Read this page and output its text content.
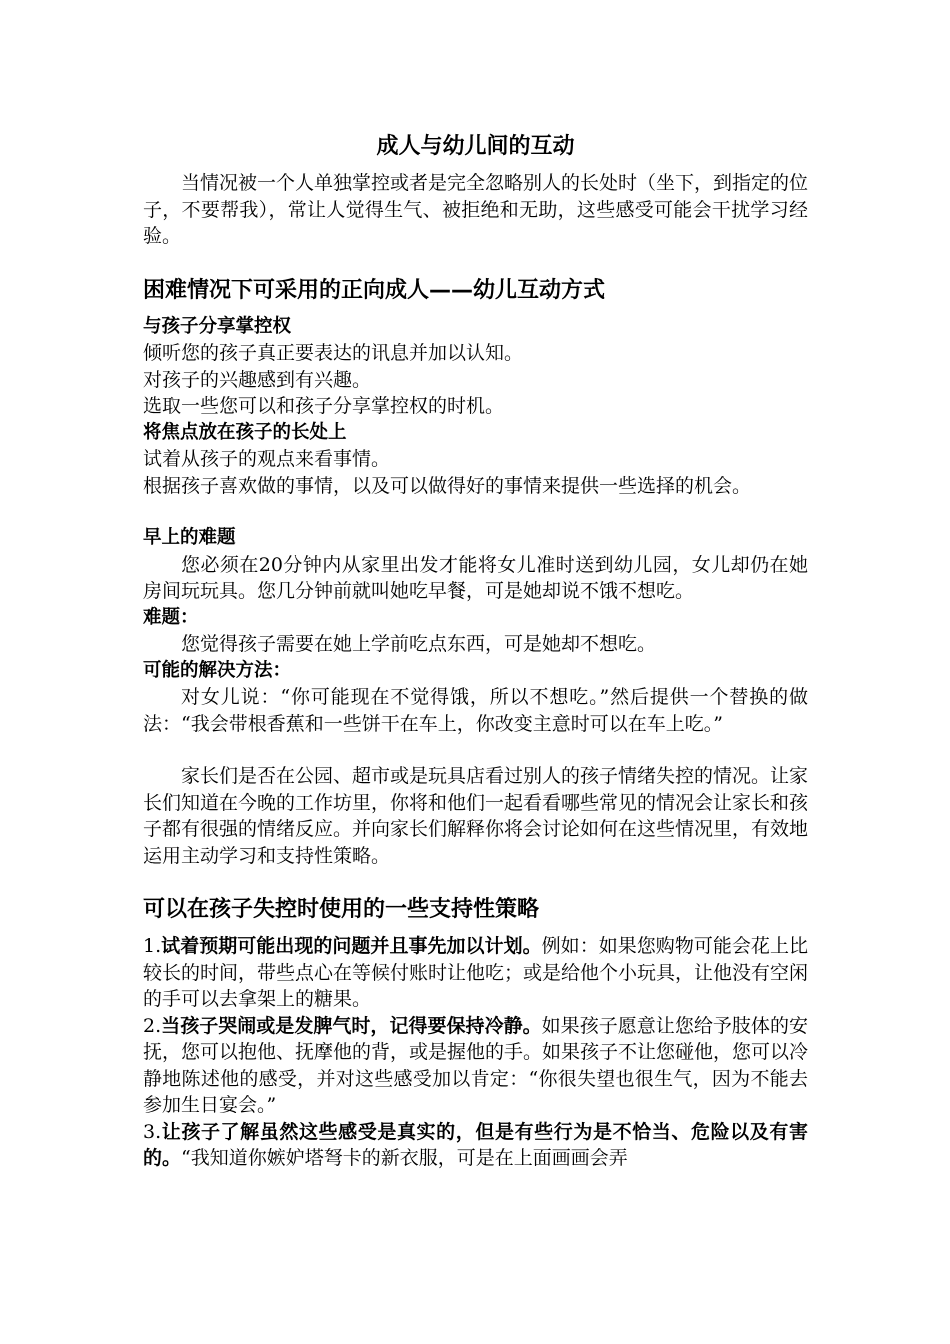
成人与幼儿间的互动

当情况被一个人单独掌控或者是完全忽略别人的长处时（坐下，到指定的位子，不要帮我），常让人觉得生气、被拒绝和无助，这些感受可能会干扰学习经验。

困难情况下可采用的正向成人——幼儿互动方式
与孩子分享掌控权

倾听您的孩子真正要表达的讯息并加以认知。

对孩子的兴趣感到有兴趣。

选取一些您可以和孩子分享掌控权的时机。

将焦点放在孩子的长处上

试着从孩子的观点来看事情。

根据孩子喜欢做的事情，以及可以做得好的事情来提供一些选择的机会。

早上的难题

您必须在20分钟内从家里出发才能将女儿准时送到幼儿园，女儿却仍在她房间玩玩具。您几分钟前就叫她吃早餐，可是她却说不饿不想吃。

难题：

您觉得孩子需要在她上学前吃点东西，可是她却不想吃。

可能的解决方法：

对女儿说：“你可能现在不觉得饿，所以不想吃。”然后提供一个替换的做法：“我会带根香蕉和一些饼干在车上，你改变主意时可以在车上吃。”

家长们是否在公园、超市或是玩具店看过别人的孩子情绪失控的情况。让家长们知道在今晚的工作坊里，你将和他们一起看看哪些常见的情况会让家长和孩子都有很强的情绪反应。并向家长们解释你将会讨论如何在这些情况里，有效地运用主动学习和支持性策略。

可以在孩子失控时使用的一些支持性策略

1.试着预期可能出现的问题并且事先加以计划。例如：如果您购物可能会花上比较长的时间，带些点心在等候付账时让他吃；或是给他个小玩具，让他没有空闲的手可以去拿架上的糖果。

2.当孩子哭闹或是发脾气时，记得要保持冷静。如果孩子愿意让您给予肢体的安抚，您可以抱他、抚摩他的背，或是握他的手。如果孩子不让您碰他，您可以冷静地陈述他的感受，并对这些感受加以肯定：“你很失望也很生气，因为不能去参加生日宴会。”

3.让孩子了解虽然这些感受是真实的，但是有些行为是不恰当、危险以及有害的。“我知道你嫉妒塔弩卡的新衣服，可是在上面画画会弄
